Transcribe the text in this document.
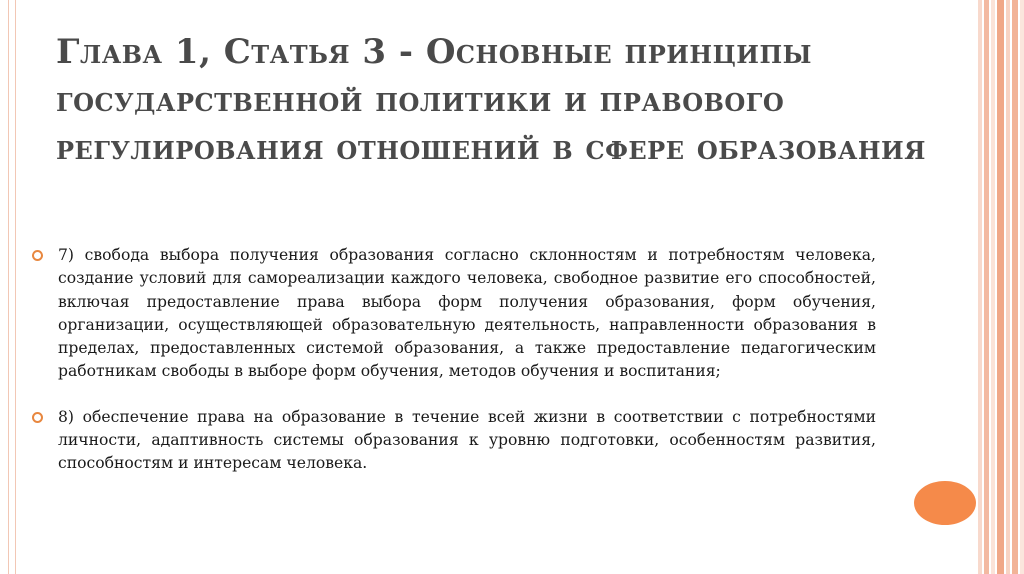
Глава 1, Статья 3 - Основные принципы государственной политики и правового регулирования отношений в сфере образования
7) свобода выбора получения образования согласно склонностям и потребностям человека, создание условий для самореализации каждого человека, свободное развитие его способностей, включая предоставление права выбора форм получения образования, форм обучения, организации, осуществляющей образовательную деятельность, направленности образования в пределах, предоставленных системой образования, а также предоставление педагогическим работникам свободы в выборе форм обучения, методов обучения и воспитания;
8) обеспечение права на образование в течение всей жизни в соответствии с потребностями личности, адаптивность системы образования к уровню подготовки, особенностям развития, способностям и интересам человека.
